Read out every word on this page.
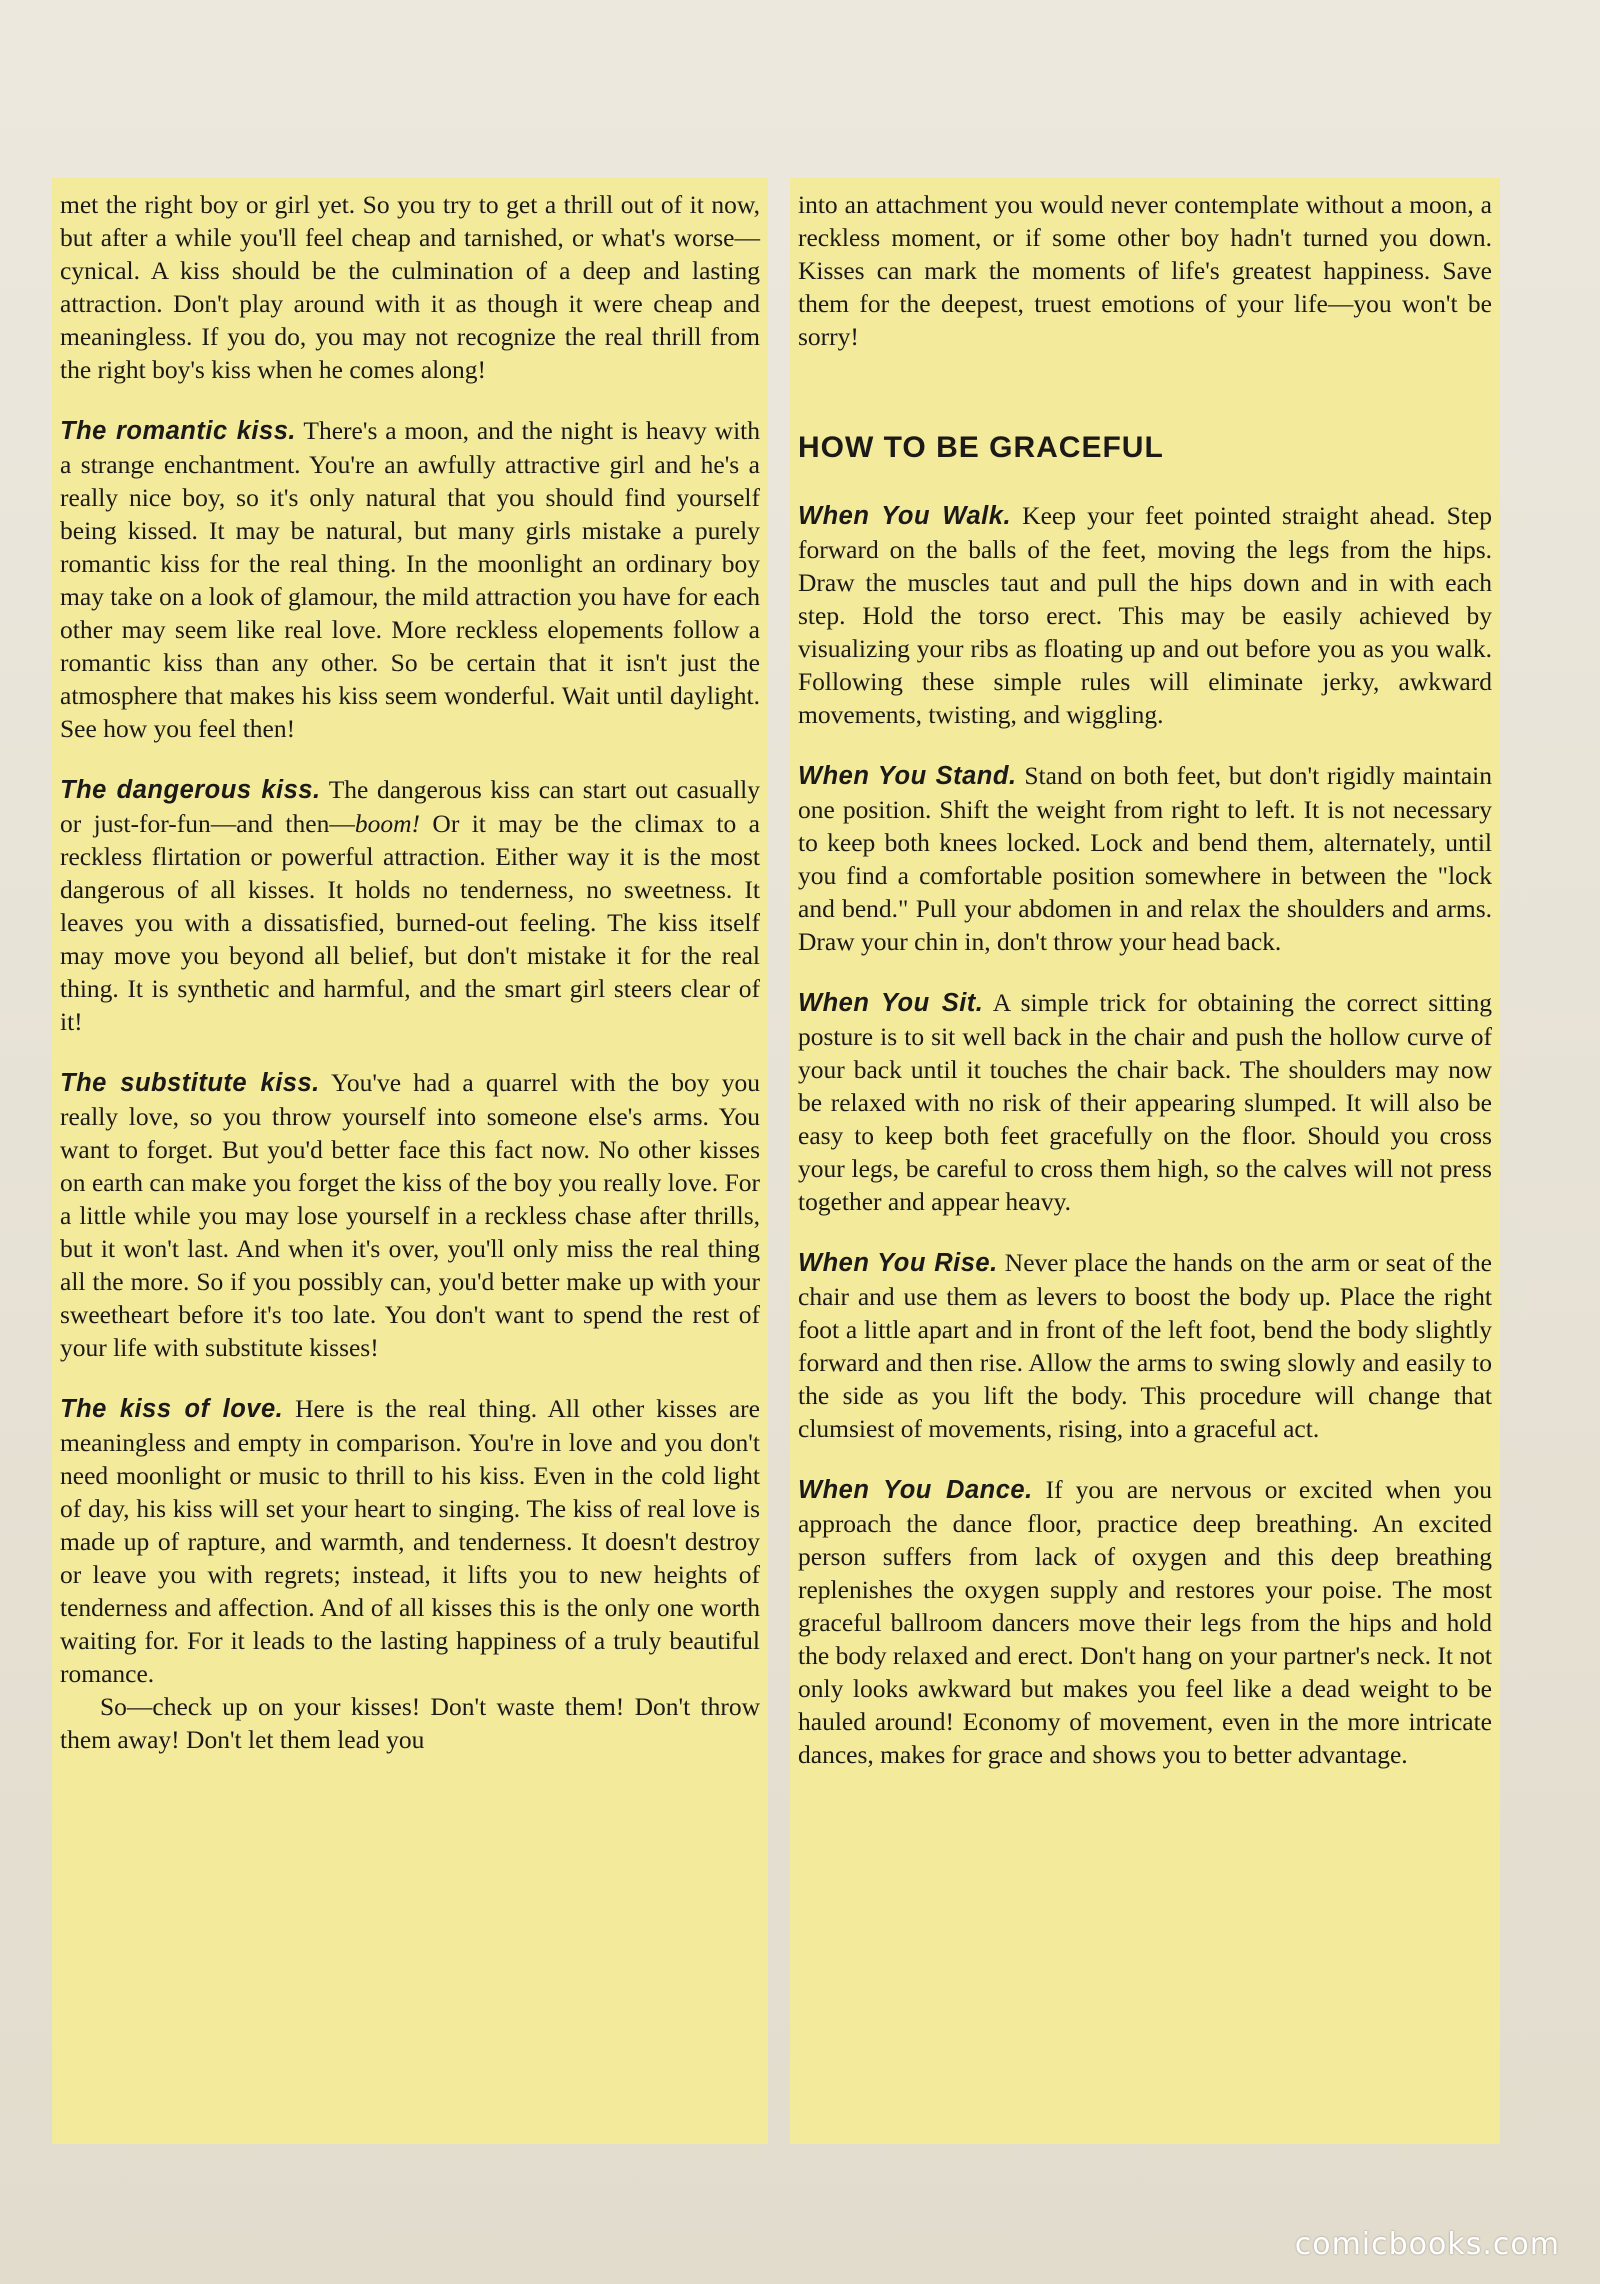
met the right boy or girl yet. So you try to get a thrill out of it now, but after a while you'll feel cheap and tarnished, or what's worse—cynical. A kiss should be the culmination of a deep and lasting attraction. Don't play around with it as though it were cheap and meaningless. If you do, you may not recognize the real thrill from the right boy's kiss when he comes along!

The romantic kiss. There's a moon, and the night is heavy with a strange enchantment. You're an awfully attractive girl and he's a really nice boy, so it's only natural that you should find yourself being kissed. It may be natural, but many girls mistake a purely romantic kiss for the real thing. In the moonlight an ordinary boy may take on a look of glamour, the mild attraction you have for each other may seem like real love. More reckless elopements follow a romantic kiss than any other. So be certain that it isn't just the atmosphere that makes his kiss seem wonderful. Wait until daylight. See how you feel then!

The dangerous kiss. The dangerous kiss can start out casually or just-for-fun—and then—boom! Or it may be the climax to a reckless flirtation or powerful attraction. Either way it is the most dangerous of all kisses. It holds no tenderness, no sweetness. It leaves you with a dissatisfied, burned-out feeling. The kiss itself may move you beyond all belief, but don't mistake it for the real thing. It is synthetic and harmful, and the smart girl steers clear of it!

The substitute kiss. You've had a quarrel with the boy you really love, so you throw yourself into someone else's arms. You want to forget. But you'd better face this fact now. No other kisses on earth can make you forget the kiss of the boy you really love. For a little while you may lose yourself in a reckless chase after thrills, but it won't last. And when it's over, you'll only miss the real thing all the more. So if you possibly can, you'd better make up with your sweetheart before it's too late. You don't want to spend the rest of your life with substitute kisses!

The kiss of love. Here is the real thing. All other kisses are meaningless and empty in comparison. You're in love and you don't need moonlight or music to thrill to his kiss. Even in the cold light of day, his kiss will set your heart to singing. The kiss of real love is made up of rapture, and warmth, and tenderness. It doesn't destroy or leave you with regrets; instead, it lifts you to new heights of tenderness and affection. And of all kisses this is the only one worth waiting for. For it leads to the lasting happiness of a truly beautiful romance.

So—check up on your kisses! Don't waste them! Don't throw them away! Don't let them lead you

into an attachment you would never contemplate without a moon, a reckless moment, or if some other boy hadn't turned you down. Kisses can mark the moments of life's greatest happiness. Save them for the deepest, truest emotions of your life—you won't be sorry!

HOW TO BE GRACEFUL

When You Walk. Keep your feet pointed straight ahead. Step forward on the balls of the feet, moving the legs from the hips. Draw the muscles taut and pull the hips down and in with each step. Hold the torso erect. This may be easily achieved by visualizing your ribs as floating up and out before you as you walk. Following these simple rules will eliminate jerky, awkward movements, twisting, and wiggling.

When You Stand. Stand on both feet, but don't rigidly maintain one position. Shift the weight from right to left. It is not necessary to keep both knees locked. Lock and bend them, alternately, until you find a comfortable position somewhere in between the "lock and bend." Pull your abdomen in and relax the shoulders and arms. Draw your chin in, don't throw your head back.

When You Sit. A simple trick for obtaining the correct sitting posture is to sit well back in the chair and push the hollow curve of your back until it touches the chair back. The shoulders may now be relaxed with no risk of their appearing slumped. It will also be easy to keep both feet gracefully on the floor. Should you cross your legs, be careful to cross them high, so the calves will not press together and appear heavy.

When You Rise. Never place the hands on the arm or seat of the chair and use them as levers to boost the body up. Place the right foot a little apart and in front of the left foot, bend the body slightly forward and then rise. Allow the arms to swing slowly and easily to the side as you lift the body. This procedure will change that clumsiest of movements, rising, into a graceful act.

When You Dance. If you are nervous or excited when you approach the dance floor, practice deep breathing. An excited person suffers from lack of oxygen and this deep breathing replenishes the oxygen supply and restores your poise. The most graceful ballroom dancers move their legs from the hips and hold the body relaxed and erect. Don't hang on your partner's neck. It not only looks awkward but makes you feel like a dead weight to be hauled around! Economy of movement, even in the more intricate dances, makes for grace and shows you to better advantage.

comicbooks.com
